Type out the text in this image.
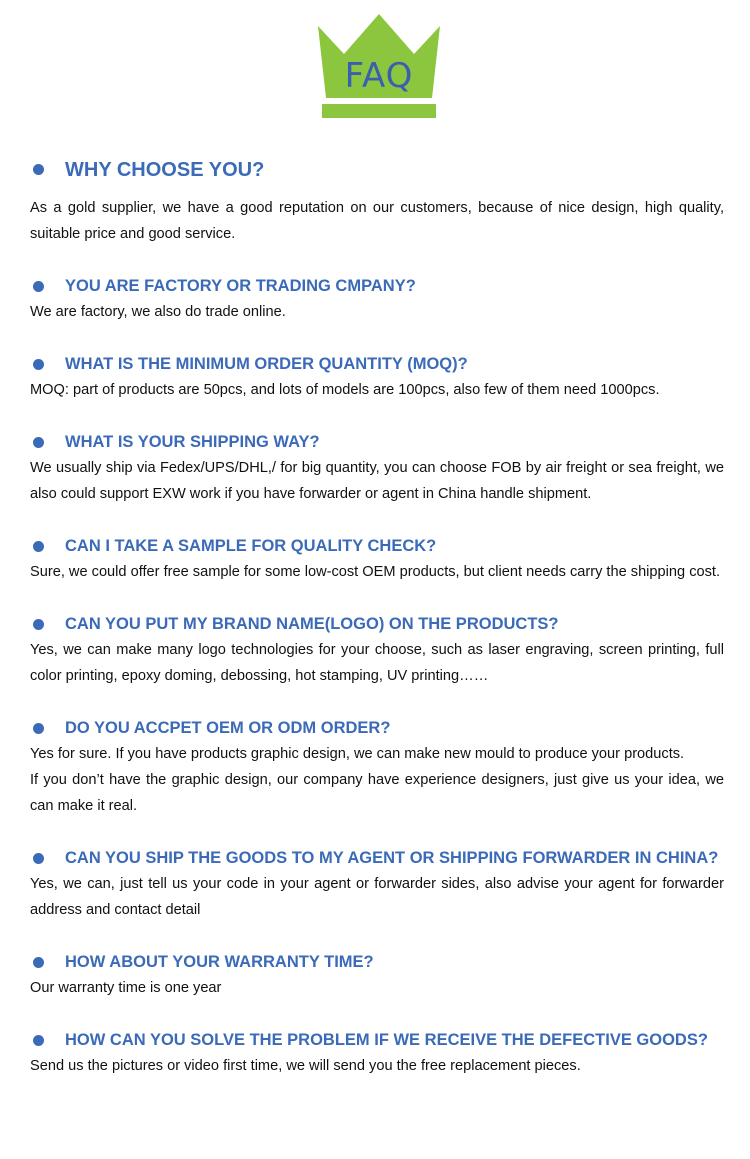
FAQ
WHY CHOOSE YOU?

As a gold supplier, we have a good reputation on our customers, because of nice design, high quality, suitable price and good service.

YOU ARE FACTORY OR TRADING CMPANY?

We are factory, we also do trade online.

WHAT IS THE MINIMUM ORDER QUANTITY (MOQ)?

MOQ: part of products are 50pcs, and lots of models are 100pcs, also few of them need 1000pcs.

WHAT IS YOUR SHIPPING WAY?

We usually ship via Fedex/UPS/DHL,/ for big quantity, you can choose FOB by air freight or sea freight, we also could support EXW work if you have forwarder or agent in China handle shipment.

CAN I TAKE A SAMPLE FOR QUALITY CHECK?

Sure, we could offer free sample for some low-cost OEM products, but client needs carry the shipping cost.

CAN YOU PUT MY BRAND NAME(LOGO) ON THE PRODUCTS?

Yes, we can make many logo technologies for your choose, such as laser engraving, screen printing, full color printing, epoxy doming, debossing, hot stamping, UV printing……

DO YOU ACCPET OEM OR ODM ORDER?

Yes for sure. If you have products graphic design, we can make new mould to produce your products.

If you don’t have the graphic design, our company have experience designers, just give us your idea, we can make it real.

CAN YOU SHIP THE GOODS TO MY AGENT OR SHIPPING FORWARDER IN CHINA?

Yes, we can, just tell us your code in your agent or forwarder sides, also advise your agent for forwarder address and contact detail

HOW ABOUT YOUR WARRANTY TIME?

Our warranty time is one year

HOW CAN YOU SOLVE THE PROBLEM IF WE RECEIVE THE DEFECTIVE GOODS?

Send us the pictures or video first time, we will send you the free replacement pieces.
